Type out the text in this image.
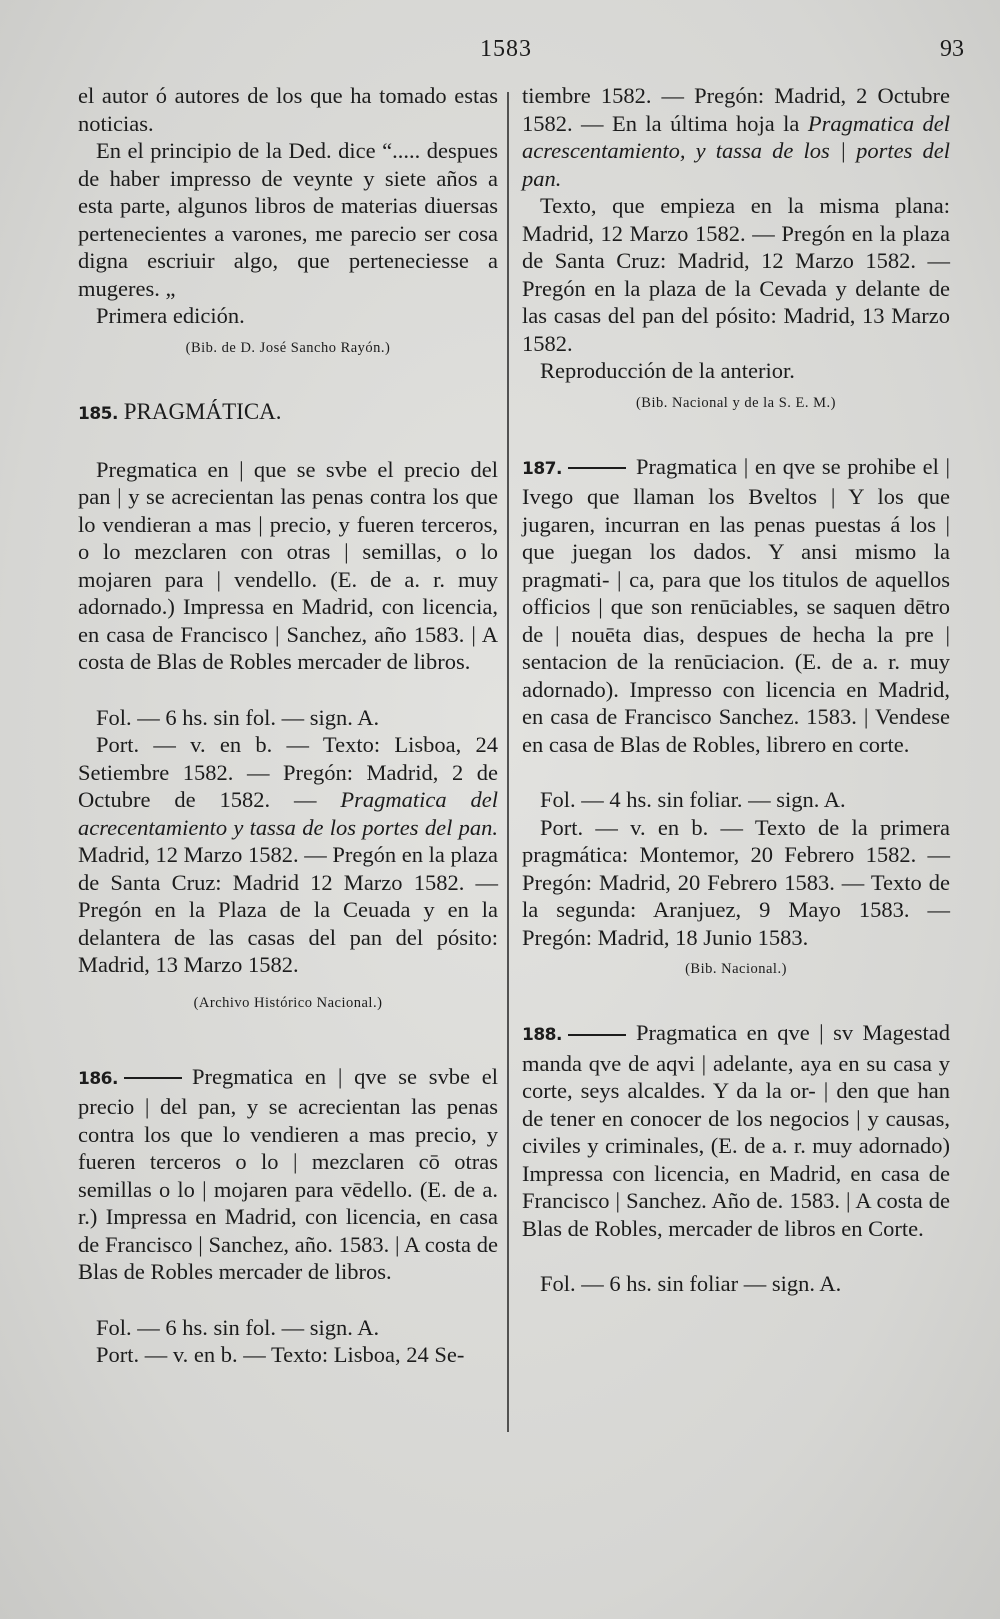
1583	93

el autor ó autores de los que ha tomado estas noticias.

En el principio de la Ded. dice “..... despues de haber impresso de veynte y siete años a esta parte, algunos libros de materias diuersas pertenecientes a varones, me parecio ser cosa digna escriuir algo, que perteneciesse a mugeres. „

Primera edición.

(Bib. de D. José Sancho Rayón.)

185. PRAGMÁTICA.

Pregmatica en | que se svbe el precio del pan | y se acrecientan las penas contra los que lo vendieran a mas | precio, y fueren terceros, o lo mezclaren con otras | semillas, o lo mojaren para | vendello. (E. de a. r. muy adornado.) Impressa en Madrid, con licencia, en casa de Francisco | Sanchez, año 1583. | A costa de Blas de Robles mercader de libros.

Fol. — 6 hs. sin fol. — sign. A.

Port. — v. en b. — Texto: Lisboa, 24 Setiembre 1582. — Pregón: Madrid, 2 de Octubre de 1582. — Pragmatica del acrecentamiento y tassa de los portes del pan. Madrid, 12 Marzo 1582. — Pregón en la plaza de Santa Cruz: Madrid 12 Marzo 1582. — Pregón en la Plaza de la Ceuada y en la delantera de las casas del pan del pósito: Madrid, 13 Marzo 1582.

(Archivo Histórico Nacional.)

186.	Pregmatica en | qve se svbe el precio | del pan, y se acrecientan las penas contra los que lo vendieren a mas precio, y fueren terceros o lo | mezclaren cō otras semillas o lo | mojaren para vēdello. (E. de a. r.) Impressa en Madrid, con licencia, en casa de Francisco | Sanchez, año. 1583. | A costa de Blas de Robles mercader de libros.

Fol. — 6 hs. sin fol. — sign. A.

Port. — v. en b. — Texto: Lisboa, 24 Se-

tiembre 1582. — Pregón: Madrid, 2 Octubre 1582. — En la última hoja la Pragmatica del acrescentamiento, y tassa de los | portes del pan.

Texto, que empieza en la misma plana: Madrid, 12 Marzo 1582. — Pregón en la plaza de Santa Cruz: Madrid, 12 Marzo 1582. — Pregón en la plaza de la Cevada y delante de las casas del pan del pósito: Madrid, 13 Marzo 1582.

Reproducción de la anterior.

(Bib. Nacional y de la S. E. M.)

187.	Pragmatica | en qve se prohibe el | Ivego que llaman los Bveltos | Y los que jugaren, incurran en las penas puestas á los | que juegan los dados. Y ansi mismo la pragmati- | ca, para que los titulos de aquellos officios | que son renūciables, se saquen dētro de | nouēta dias, despues de hecha la pre | sentacion de la renūciacion. (E. de a. r. muy adornado). Impresso con licencia en Madrid, en casa de Francisco Sanchez. 1583. | Vendese en casa de Blas de Robles, librero en corte.

Fol. — 4 hs. sin foliar. — sign. A.

Port. — v. en b. — Texto de la primera pragmática: Montemor, 20 Febrero 1582. — Pregón: Madrid, 20 Febrero 1583. — Texto de la segunda: Aranjuez, 9 Mayo 1583. — Pregón: Madrid, 18 Junio 1583.

(Bib. Nacional.)

188.	Pragmatica en qve | sv Magestad manda qve de aqvi | adelante, aya en su casa y corte, seys alcaldes. Y da la or- | den que han de tener en conocer de los negocios | y causas, civiles y criminales, (E. de a. r. muy adornado) Impressa con licencia, en Madrid, en casa de Francisco | Sanchez. Año de. 1583. | A costa de Blas de Robles, mercader de libros en Corte.

Fol. — 6 hs. sin foliar — sign. A.
